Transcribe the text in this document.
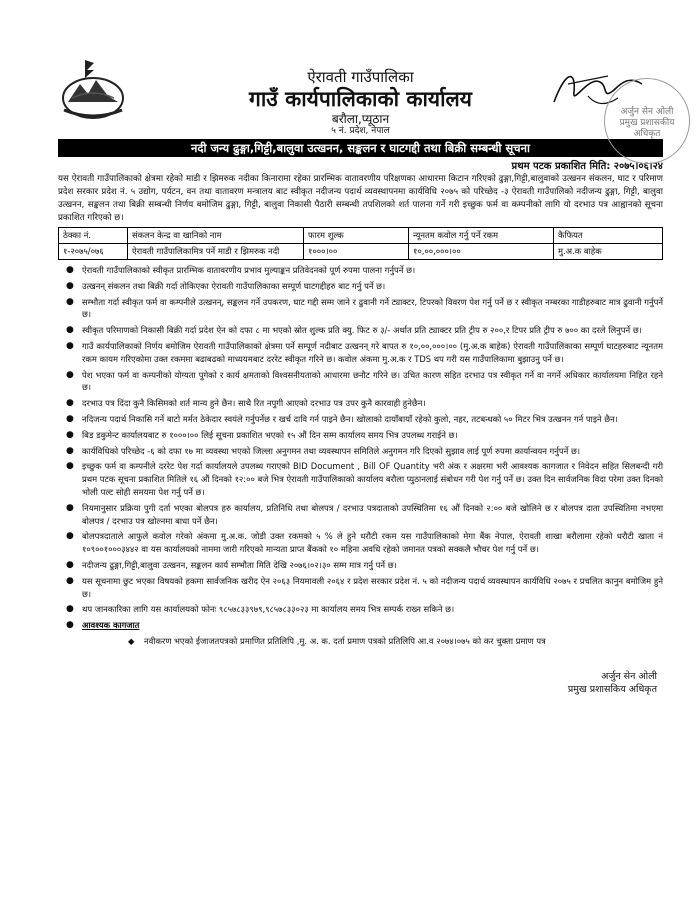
अर्जुन सेन ओली प्रमुख प्रशासकीय अधिकृत
ऐरावती गाउँपालिका
गाउँ कार्यपालिकाको कार्यालय
बरौला,प्यूठान
५ नं. प्रदेश, नेपाल
नदी जन्य ढुङ्गा,गिट्टी,बालुवा उत्खनन, सङ्कलन र घाटगद्दी तथा बिक्री सम्बन्धी सूचना
प्रथम पटक प्रकाशित मिति: २०७५।०६।२४
यस ऐरावती गाउँपालिकाको क्षेत्रमा रहेको माडी र झिमरुक नदीका किनारामा रहेका प्रारम्भिक वातावरणीय परिक्षणका आधारमा किटान गरिएको ढुङ्गा,गिट्टी,बालुवाको उत्खनन संकलन, घाट र परिमाण प्रदेश सरकार प्रदेश नं. ५ उद्योग, पर्यटन, वन तथा वातावरण मन्त्रालय बाट स्वीकृत नदीजन्य पदार्थ व्यवस्थापनमा कार्यविधि २०७५ को परिच्छेद -३ ऐरावती गाउँपालिको नदीजन्य ढुङ्गा, गिट्टी, बालुवा उत्खनन, सङ्कलन तथा बिक्री सम्बन्धी निर्णय बमोजिम ढुङ्गा, गिट्टी, बालुवा निकासी पैठारी सम्बन्धी तपशिलको शर्त पालना गर्ने गरी इच्छुक फर्म वा कम्पनीको लागि यो दरभाउ पत्र आह्वानको सूचना प्रकाशित गरिएको छ।
ठेक्का नं.	संकलन केन्द्र वा खानिको नाम	फारम शुल्क	न्यूनतम कवोल गर्नु पर्ने रकम	कैफियत
१-२०७५/०७६	ऐरावती गाउँपालिकामित्र पर्ने माडी र झिमरुक नदी	१०००।००	१०,००,०००।००	मु.अ.क बाहेक
● ऐरावती गाउँपालिकाको स्वीकृत प्रारम्भिक वातावरणीय प्रभाव मुल्याङ्कन प्रतिवेदनको पूर्ण रुपमा पालना गर्नुपर्ने छ।
● उत्खनन् संकलन तथा बिक्री गर्दा तोकिएका ऐरावती गाउँपालिकाका सम्पूर्ण घाटगद्दीहरु बाट गर्नु पर्ने छ।
● सम्भौता गर्दा स्वीकृत फर्म वा कम्पनीले उत्खनन्, सङ्कलन गर्ने उपकरण, घाट गद्दी सम्म जाने र ढुवानी गर्ने ट्याक्टर, टिपरको विवरण पेश गर्नु पर्ने छ र स्वीकृत नम्बरका गाडीहरुबाट मात्र ढुवानी गर्नुपर्ने छ।
● स्वीकृत परिमाणको निकासी बिक्री गर्दा प्रदेश ऐन को दफा ८ मा भएको स्रोत शुल्क प्रति क्यु. फिट रु ३/- अर्थात प्रति ट्याक्टर प्रति ट्रीप रु २००,र टिपर प्रति ट्रीप रु ७०० का दरले लिनुपर्ने छ।
● गाउँ कार्यपालिकाको निर्णय बमोजिम ऐरावती गाउँपालिकाको क्षेत्रमा पर्ने सम्पूर्ण नदीबाट उत्खनन् गरे बापत रु १०,००,०००।०० (मु.अ.क बाहेक) ऐरावती गाउँपालिकाका सम्पूर्ण घाटहरुबाट न्यूनतम रकम कायम गरिएकोमा उक्त रकममा बढाबढको माध्ययमबाट दररेट स्वीकृत गरिने छ। कवोल अंकमा मु.अ.क र TDS थप गरी यस गाउँपालिकामा बुझाउनु पर्ने छ।
● पेश भएका फर्म वा कम्पनीको योग्यता पुगेको र कार्य क्षमताको विश्वसनीयताको आधारमा छनौट गरिने छ। उचित कारण सहित दरभाउ पत्र स्वीकृत गर्ने वा नगर्ने अधिकार कार्यालयमा निहित रहने छ।
● दरभाउ पत्र दिंदा कुनै किसिमको शर्त मान्य हुने छैन। साथै रित नपुगी आएको दरभाउ पत्र उपर कुनै कारवाही हुनेछैन।
● नदिजन्य पदार्थ निकासि गर्ने बाटो मर्मत ठेकेदार स्वयंले गर्नुपर्नेछ र खर्च दावि गर्न पाइने छैन। खोलाको दायाँबायाँ रहेको कुलो, नहर, तटबन्धको ५० मिटर भित्र उत्खनन गर्न पाइने छैन।
● बिड डकुमेन्ट कार्यालयबाट रु १०००।०० लिई सूचना प्रकाशित भएको १५ औं दिन सम्म कार्यालय समय भित्र उपलब्ध गराईने छ।
● कार्यविधिको परिच्छेद -६ को दफा १७ मा व्यवस्था भएको जिल्ला अनुगमन तथा व्यवस्थापन समितिले अनुगमन गरि दिएको सुझाव लाई पूर्ण रुपमा कार्यान्वयन गर्नुपर्ने छ।
● इच्छुक फर्म वा कम्पनीले दररेट पेश गर्दा कार्यालयले उपलब्ध गराएको BID Document , Bill OF Quantity भरी अंक र अक्षरमा भरी आवश्यक कागजात र निवेदन सहित सिलबन्दी गरी प्रथम पटक सूचना प्रकाशित मितिले १६ औं दिनको १२:०० बजे भित्र ऐरावती गाउँपालिकाको कार्यालय बरौला प्युठानलाई संबोधन गरी पेश गर्नु पर्ने छ। उक्त दिन सार्वजनिक विदा परेमा उक्त दिनको भोली पल्ट सोही समयमा पेश गर्नु पर्ने छ।
● नियमानुसार प्रक्रिया पुगी दर्ता भएका बोलपत्र हरु कार्यालय, प्रतिनिधि तथा बोलपत्र / दरभाउ पत्रदाताको उपस्थितिमा १६ औं दिनको २:०० बजे खोलिने छ र बोलपत्र दाता उपस्थितिमा नभएमा बोलपत्र / दरभाउ पत्र खोल्नमा बाधा पर्ने छैन।
● बोलपत्रदाताले आफुले कवोल गरेको अंकमा मु.अ.क. जोडी उक्त रकमको ५ % ले हुने धरौटी रकम यस गाउँपालिकाको मेगा बैंक नेपाल, ऐरावती शाखा बरौलामा रहेको धरौटी खाता नं १०९००१०००३४४२ वा यस कार्यालयको नाममा जारी गरिएको मान्यता प्राप्त बैंकको १० महिना अवधि रहेको जमानत पत्रको सक्कलै भौचर पेश गर्नु पर्ने छ।
● नदीजन्य ढुङ्गा,गिट्टी,बालुवा उत्खनन, सङ्कलन कार्य सम्भौता मिति देखि २०७६।०२।३० सम्म मात्र गर्नु पर्ने छ।
● यस सूचनामा छुट भएका विषयको हकमा सार्वजनिक खरीद ऐन २०६३ नियमावली २०६४ र प्रदेश सरकार प्रदेश नं. ५ को नदीजन्य पदार्थ व्यवस्थापन कार्यविधि २०७५ र प्रचलित कानुन बमोजिम हुने छ।
● थप जानकारिका लागि यस कार्यालयको फोनः ९८५७८३३९७९,९८५७८३३०२३ मा कार्यालय समय भित्र सम्पर्क राख्न सकिने छ।
● आवश्यक कागजात
◆ नवीकरण भएको ईजाजतपत्रको प्रमाणित प्रतिलिपि ,मु. अ. क. दर्ता प्रमाण पत्रको प्रतिलिपि आ.व २०७४।०७५ को कर चुक्ता प्रमाण पत्र
अर्जुन सेन ओली
प्रमुख प्रशासकिय अधिकृत
